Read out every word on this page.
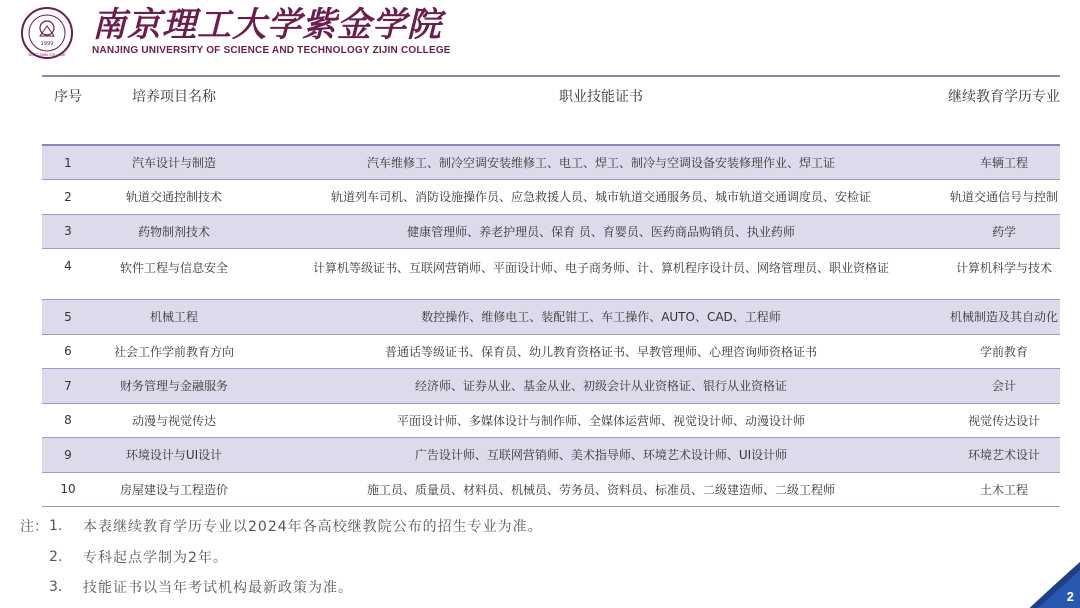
1999
NUST ZIJIN COLLEGE
南京理工大学紫金学院
NANJING UNIVERSITY OF SCIENCE AND TECHNOLOGY ZIJIN COLLEGE
序号	培养项目名称	职业技能证书	继续教育学历专业
1	汽车设计与制造	汽车维修工、制冷空调安装维修工、电工、焊工、制冷与空调设备安装修理作业、焊工证	车辆工程
2	轨道交通控制技术	轨道列车司机、消防设施操作员、应急救援人员、城市轨道交通服务员、城市轨道交通调度员、安检证	轨道交通信号与控制
3	药物制剂技术	健康管理师、养老护理员、保育 员、育婴员、医药商品购销员、执业药师	药学
4	软件工程与信息安全	计算机等级证书、互联网营销师、平面设计师、电子商务师、计、算机程序设计员、网络管理员、职业资格证	计算机科学与技术
5	机械工程	数控操作、维修电工、装配钳工、车工操作、AUTO、CAD、工程师	机械制造及其自动化
6	社会工作学前教育方向	普通话等级证书、保育员、幼儿教育资格证书、早教管理师、心理咨询师资格证书	学前教育
7	财务管理与金融服务	经济师、证券从业、基金从业、初级会计从业资格证、银行从业资格证	会计
8	动漫与视觉传达	平面设计师、多媒体设计与制作师、全媒体运营师、视觉设计师、动漫设计师	视觉传达设计
9	环境设计与UI设计	广告设计师、互联网营销师、美术指导师、环境艺术设计师、UI设计师	环境艺术设计
10	房屋建设与工程造价	施工员、质量员、材料员、机械员、劳务员、资料员、标准员、二级建造师、二级工程师	土木工程
注： 1.	本表继续教育学历专业以2024年各高校继教院公布的招生专业为准。
2.	专科起点学制为2年。
3.	技能证书以当年考试机构最新政策为准。
2
